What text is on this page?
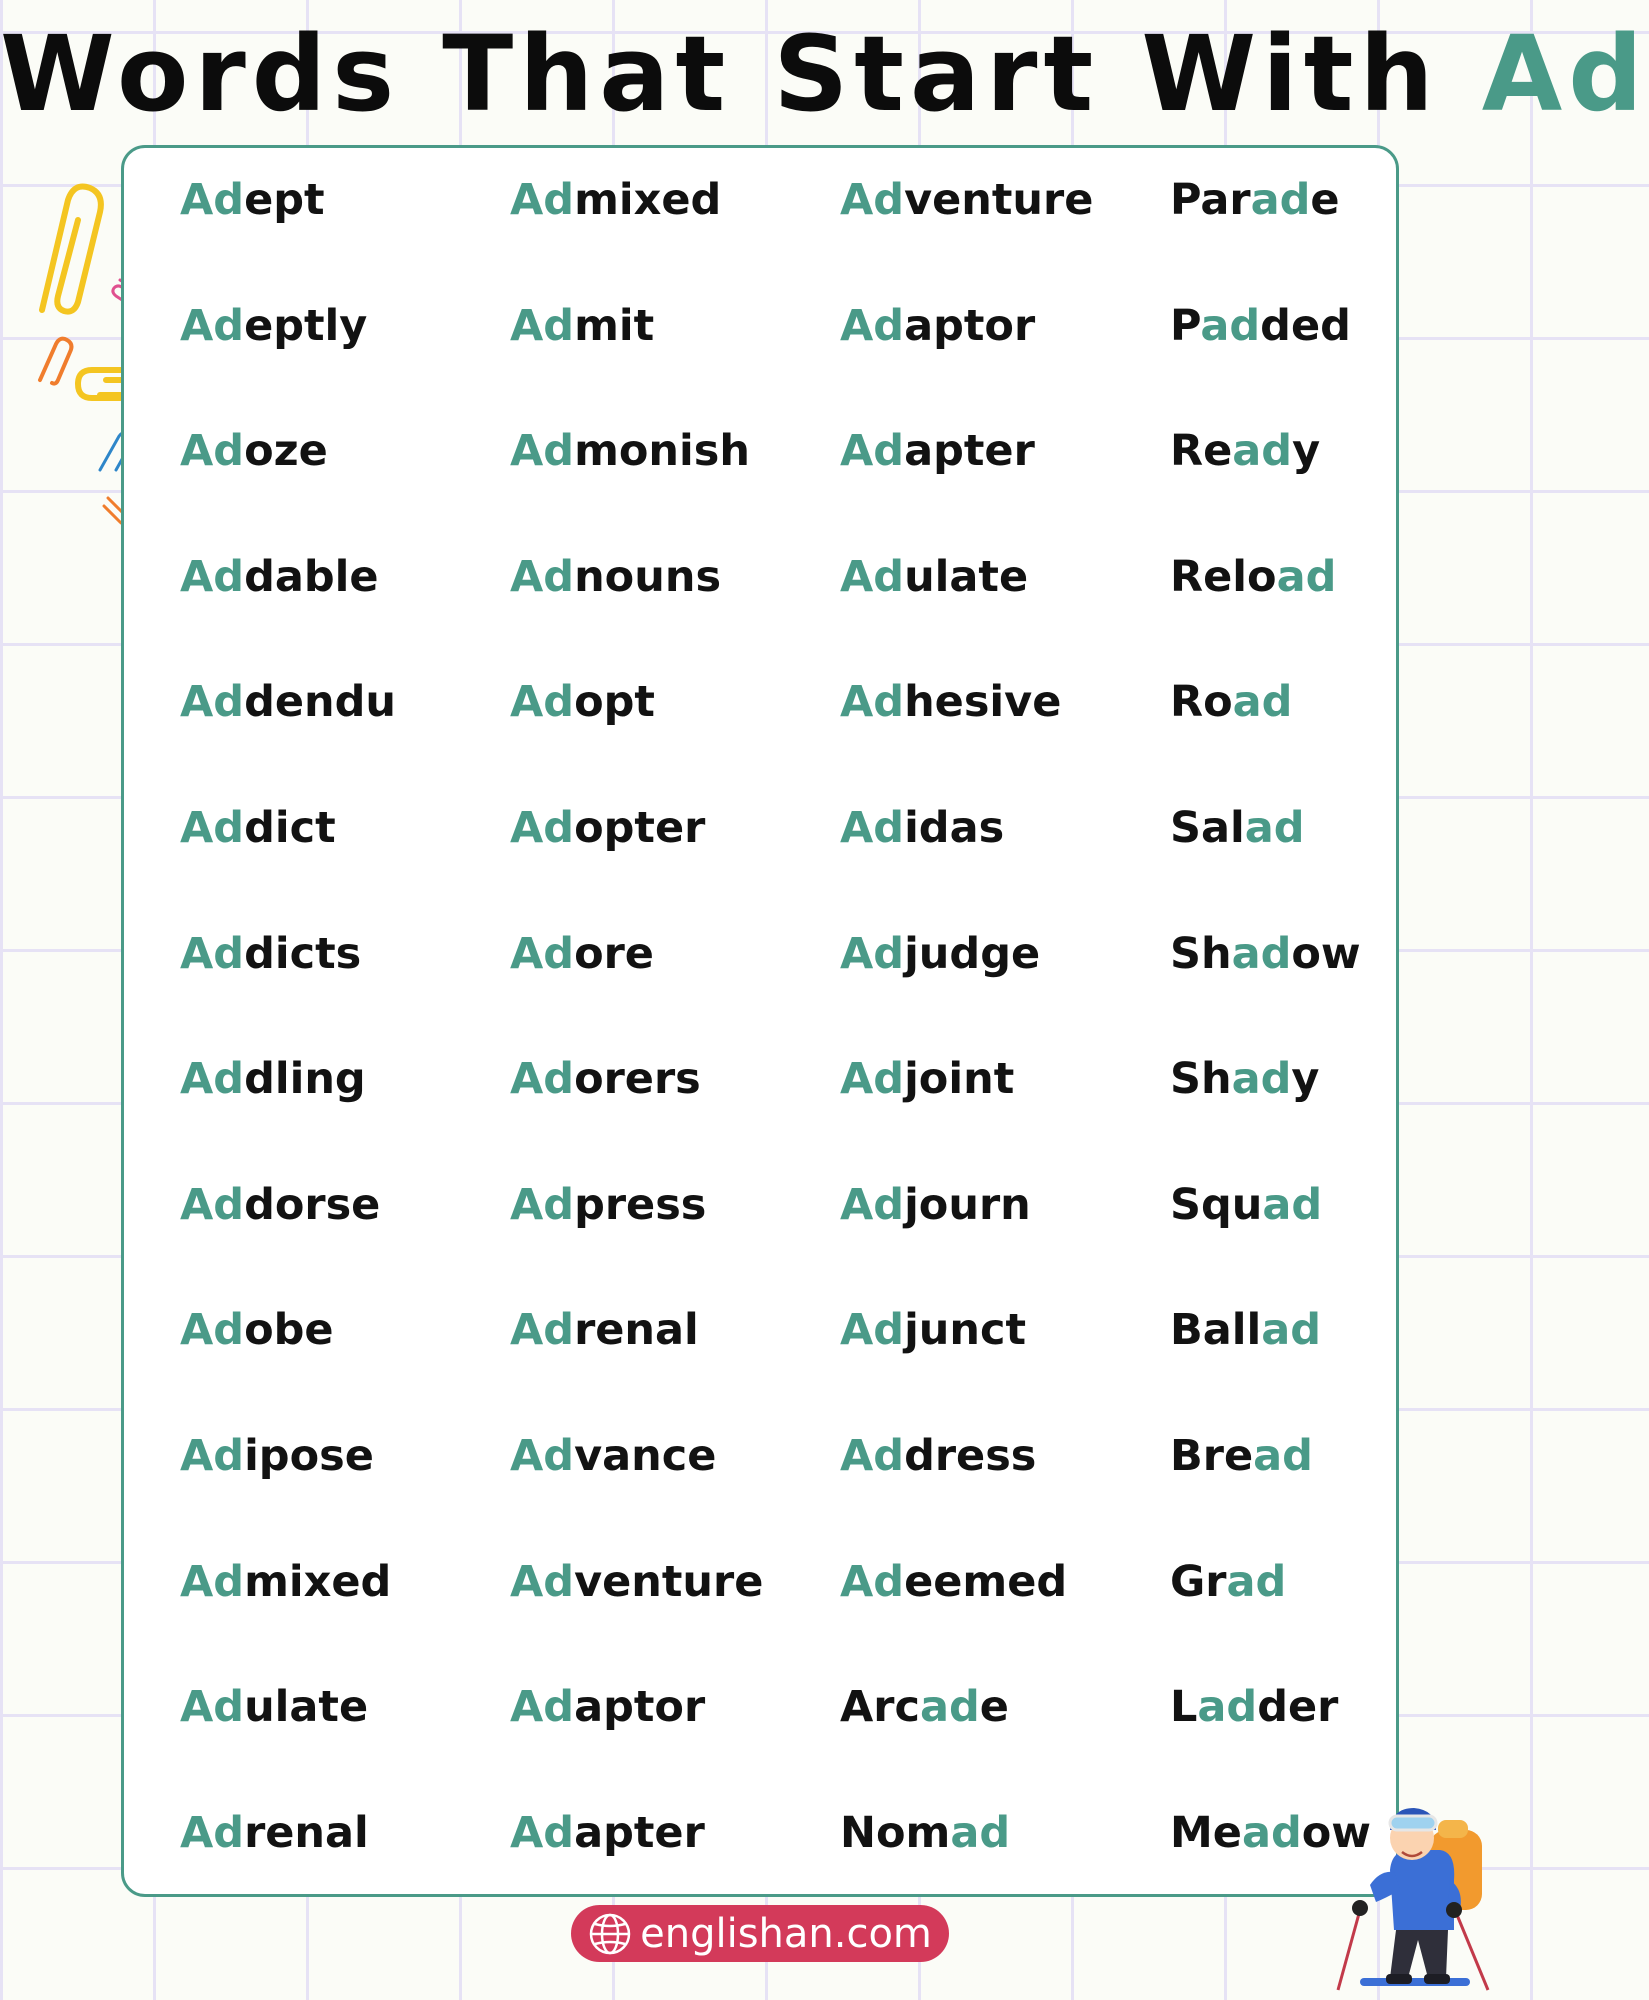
Words That Start With Ad
Adept	Admixed	Adventure	Parade
Adeptly	Admit	Adaptor	Padded
Adoze	Admonish	Adapter	Ready
Addable	Adnouns	Adulate	Reload
Addendu	Adopt	Adhesive	Road
Addict	Adopter	Adidas	Salad
Addicts	Adore	Adjudge	Shadow
Addling	Adorers	Adjoint	Shady
Addorse	Adpress	Adjourn	Squad
Adobe	Adrenal	Adjunct	Ballad
Adipose	Advance	Address	Bread
Admixed	Adventure	Adeemed	Grad
Adulate	Adaptor	Arcade	Ladder
Adrenal	Adapter	Nomad	Meadow
englishan.com
